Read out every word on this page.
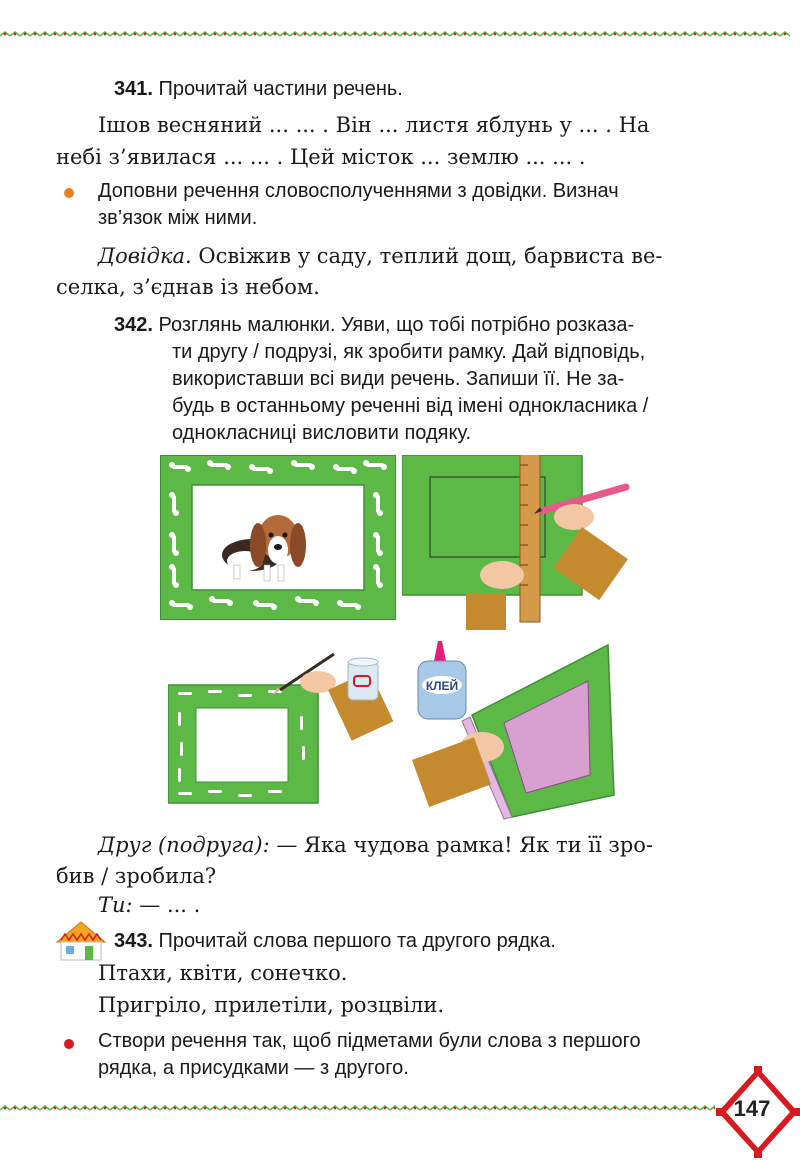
341. Прочитай частини речень.
Ішов весняний ... ... . Він ... листя яблунь у ... . На
небі з’явилася ... ... . Цей місток ... землю ... ... .
Доповни речення словосполученнями з довідки. Визнач
зв’язок між ними.
Довідка. Освіжив у саду, теплий дощ, барвиста ве-
селка, з’єднав із небом.
342. Розглянь малюнки. Уяви, що тобі потрібно розказа-
ти другу / подрузі, як зробити рамку. Дай відповідь,
використавши всі види речень. Запиши її. Не за-
будь в останньому реченні від імені однокласника /
однокласниці висловити подяку.
КЛЕЙ
Друг (подруга): — Яка чудова рамка! Як ти її зро-
бив / зробила?
Ти: — ... .
343. Прочитай слова першого та другого рядка.
Птахи, квіти, сонечко.
Пригріло, прилетіли, розцвіли.
Створи речення так, щоб підметами були слова з першого
рядка, а присудками — з другого.
147
